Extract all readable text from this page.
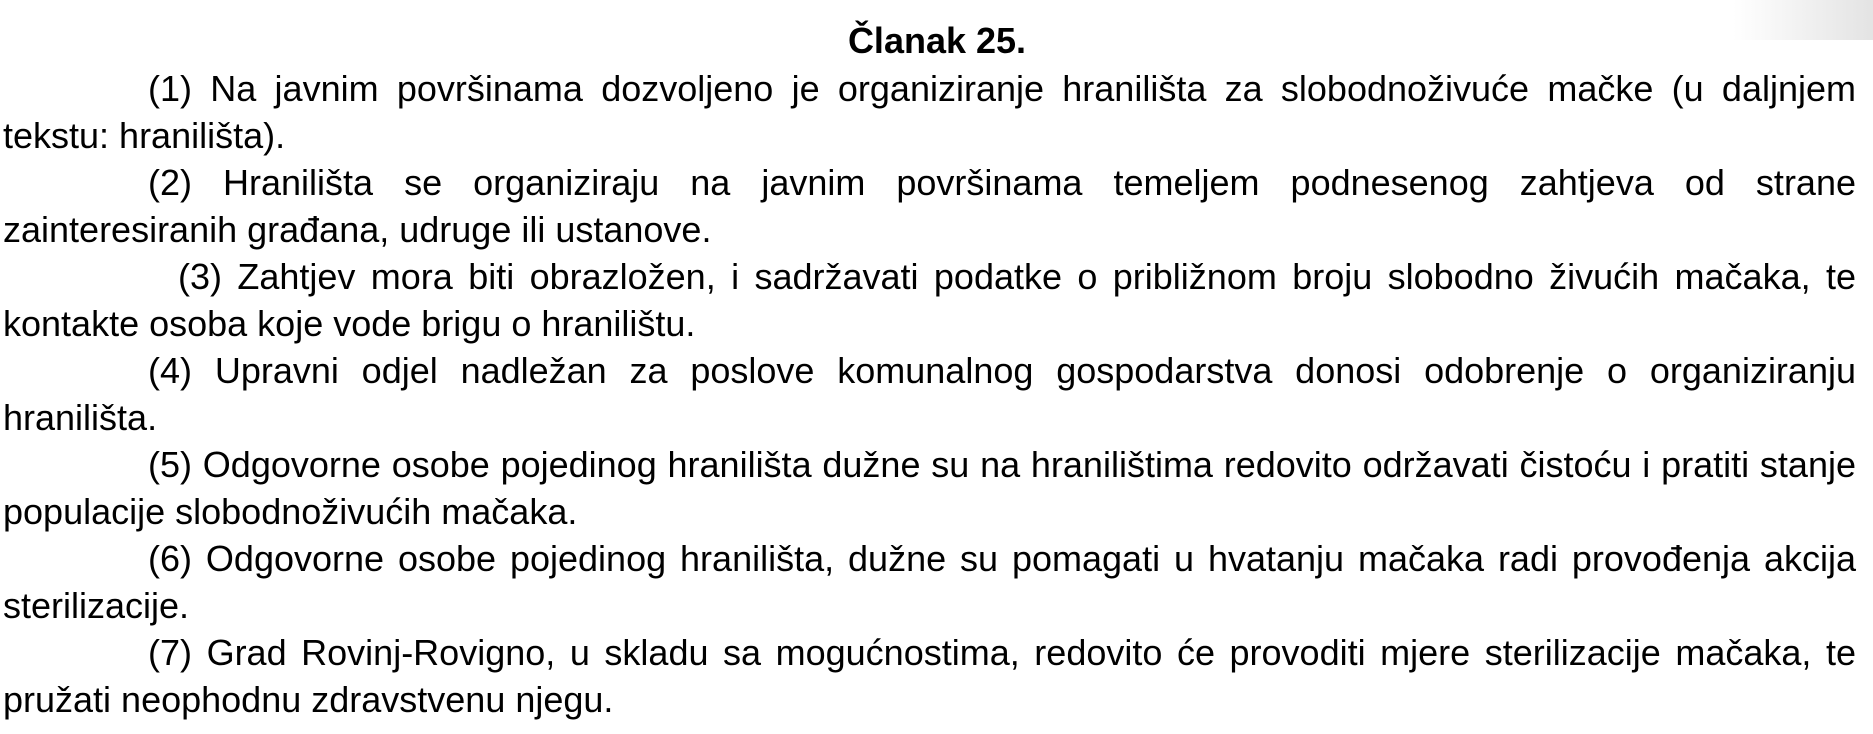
Članak 25.

(1) Na javnim površinama dozvoljeno je organiziranje hranilišta za slobodnoživuće mačke (u daljnjem tekstu: hranilišta).

(2) Hranilišta se organiziraju na javnim površinama temeljem podnesenog zahtjeva od strane zainteresiranih građana, udruge ili ustanove.

(3) Zahtjev mora biti obrazložen, i sadržavati podatke o približnom broju slobodno živućih mačaka, te kontakte osoba koje vode brigu o hranilištu.

(4) Upravni odjel nadležan za poslove komunalnog gospodarstva donosi odobrenje o organiziranju hranilišta.

(5) Odgovorne osobe pojedinog hranilišta dužne su na hranilištima redovito održavati čistoću i pratiti stanje populacije slobodnoživućih mačaka.

(6) Odgovorne osobe pojedinog hranilišta, dužne su pomagati u hvatanju mačaka radi provođenja akcija sterilizacije.

(7) Grad Rovinj-Rovigno, u skladu sa mogućnostima, redovito će provoditi mjere sterilizacije mačaka, te pružati neophodnu zdravstvenu njegu.
